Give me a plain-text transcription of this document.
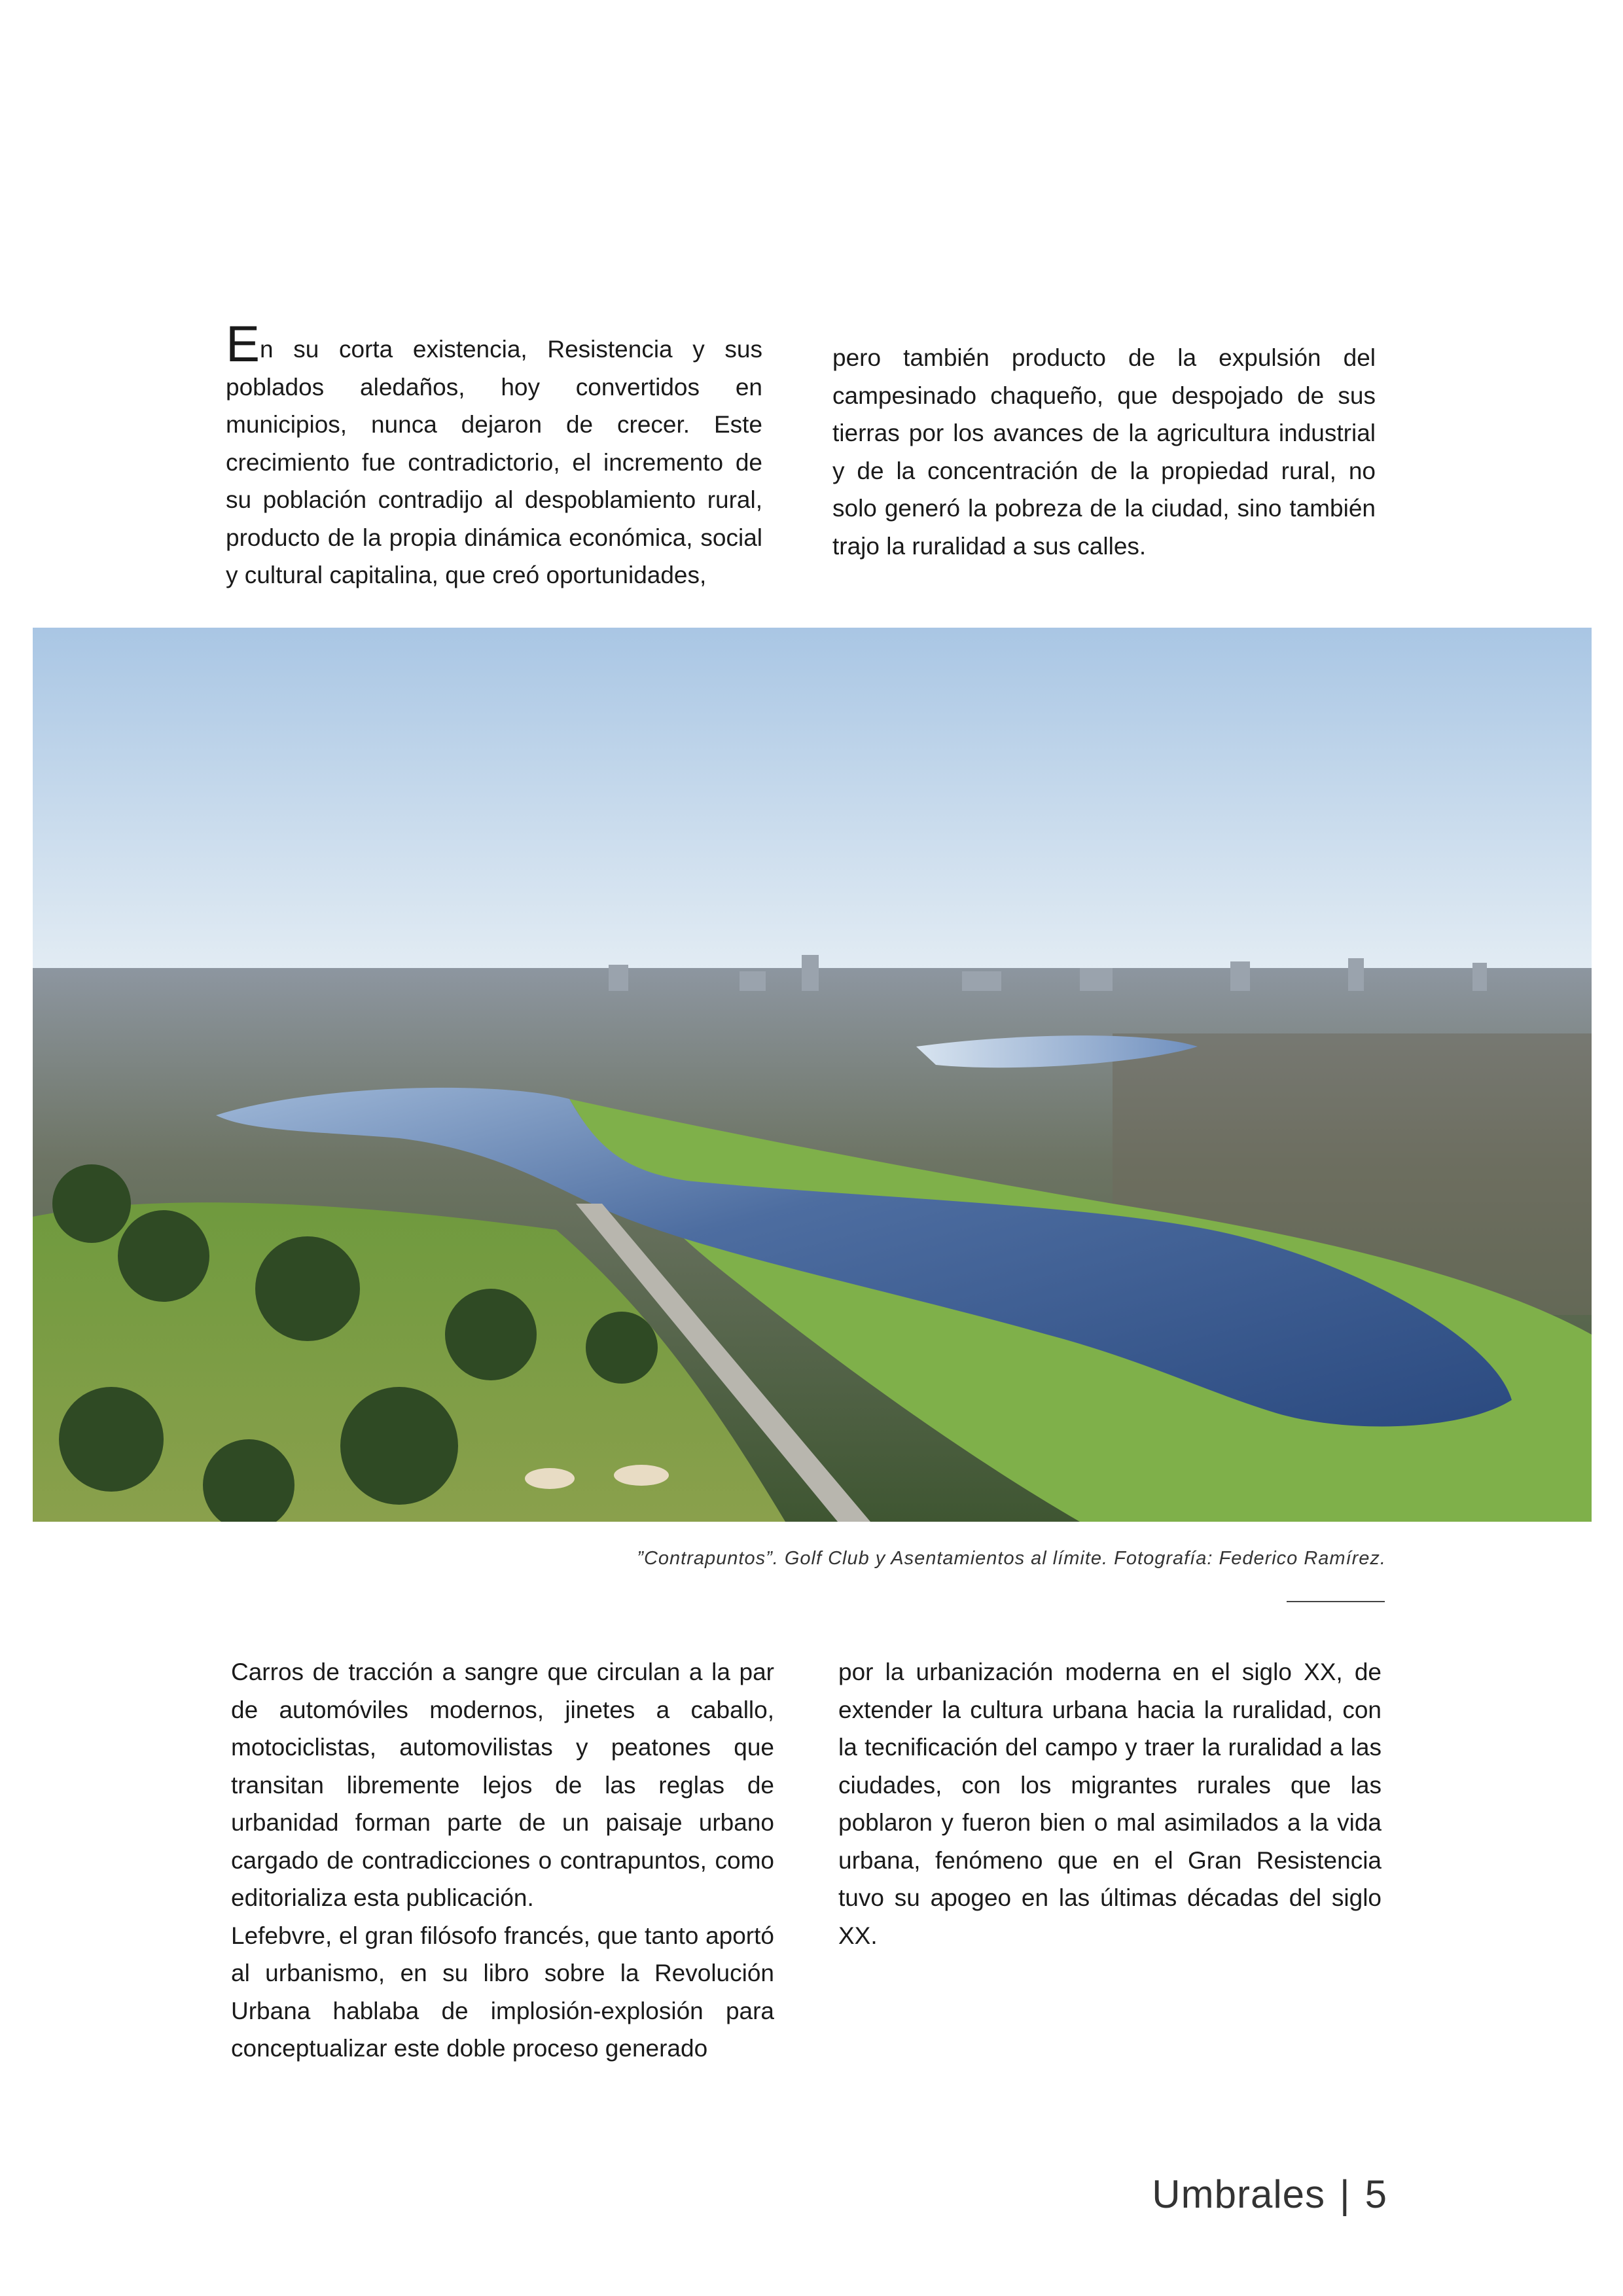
En su corta existencia, Resistencia y sus poblados aledaños, hoy convertidos en municipios, nunca dejaron de crecer. Este crecimiento fue contradictorio, el incremento de su población contradijo al despoblamiento rural, producto de la propia dinámica económica, social y cultural capitalina, que creó oportunidades,

pero también producto de la expulsión del campesinado chaqueño, que despojado de sus tierras por los avances de la agricultura industrial y de la concentración de la propiedad rural, no solo generó la pobreza de la ciudad, sino también trajo la ruralidad a sus calles.

”Contrapuntos”. Golf Club y Asentamientos al límite. Fotografía: Federico Ramírez.

Carros de tracción a sangre que circulan a la par de automóviles modernos, jinetes a caballo, motociclistas, automovilistas y peatones que transitan libremente lejos de las reglas de urbanidad forman parte de un paisaje urbano cargado de contradicciones o contrapuntos, como editorializa esta publicación.

Lefebvre, el gran filósofo francés, que tanto aportó al urbanismo, en su libro sobre la Revolución Urbana hablaba de implosión-explosión para conceptualizar este doble proceso generado

por la urbanización moderna en el siglo XX, de extender la cultura urbana hacia la ruralidad, con la tecnificación del campo y traer la ruralidad a las ciudades, con los migrantes rurales que las poblaron y fueron bien o mal asimilados a la vida urbana, fenómeno que en el Gran Resistencia tuvo su apogeo en las últimas décadas del siglo XX.

Umbrales | 5
